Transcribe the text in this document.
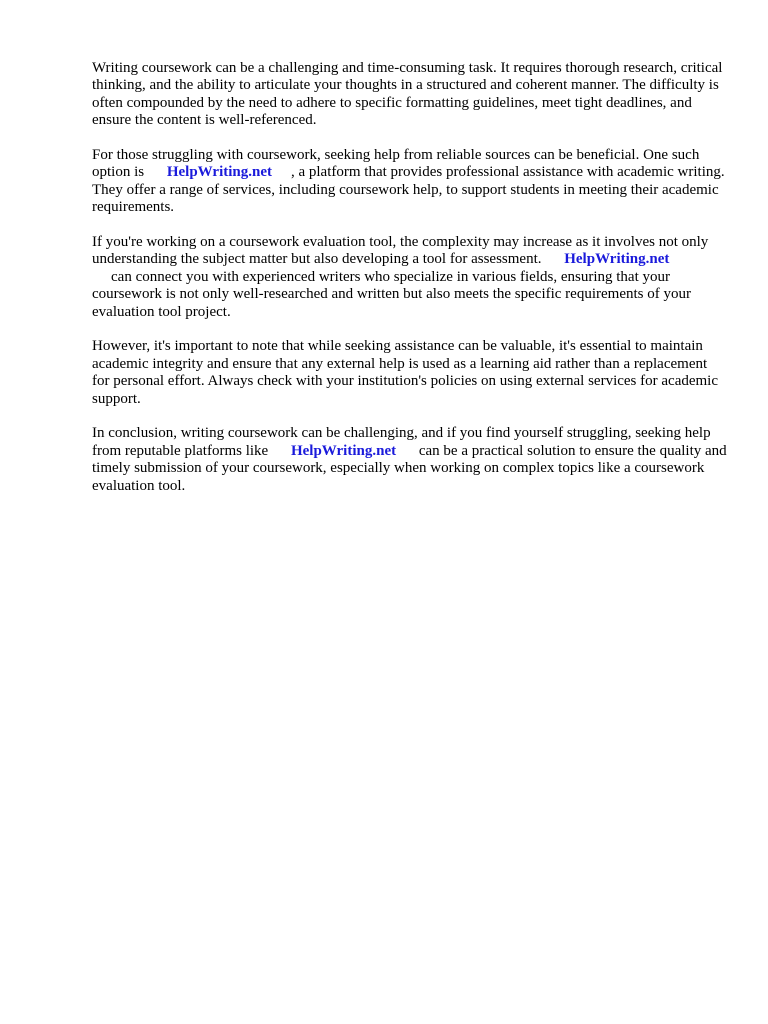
Writing coursework can be a challenging and time-consuming task. It requires thorough research, critical thinking, and the ability to articulate your thoughts in a structured and coherent manner. The difficulty is often compounded by the need to adhere to specific formatting guidelines, meet tight deadlines, and ensure the content is well-referenced.

For those struggling with coursework, seeking help from reliable sources can be beneficial. One such option is HelpWriting.net , a platform that provides professional assistance with academic writing. They offer a range of services, including coursework help, to support students in meeting their academic requirements.

If you're working on a coursework evaluation tool, the complexity may increase as it involves not only understanding the subject matter but also developing a tool for assessment. HelpWriting.net
can connect you with experienced writers who specialize in various fields, ensuring that your coursework is not only well-researched and written but also meets the specific requirements of your evaluation tool project.

However, it's important to note that while seeking assistance can be valuable, it's essential to maintain academic integrity and ensure that any external help is used as a learning aid rather than a replacement for personal effort. Always check with your institution's policies on using external services for academic support.

In conclusion, writing coursework can be challenging, and if you find yourself struggling, seeking help from reputable platforms like HelpWriting.net can be a practical solution to ensure the quality and timely submission of your coursework, especially when working on complex topics like a coursework evaluation tool.
